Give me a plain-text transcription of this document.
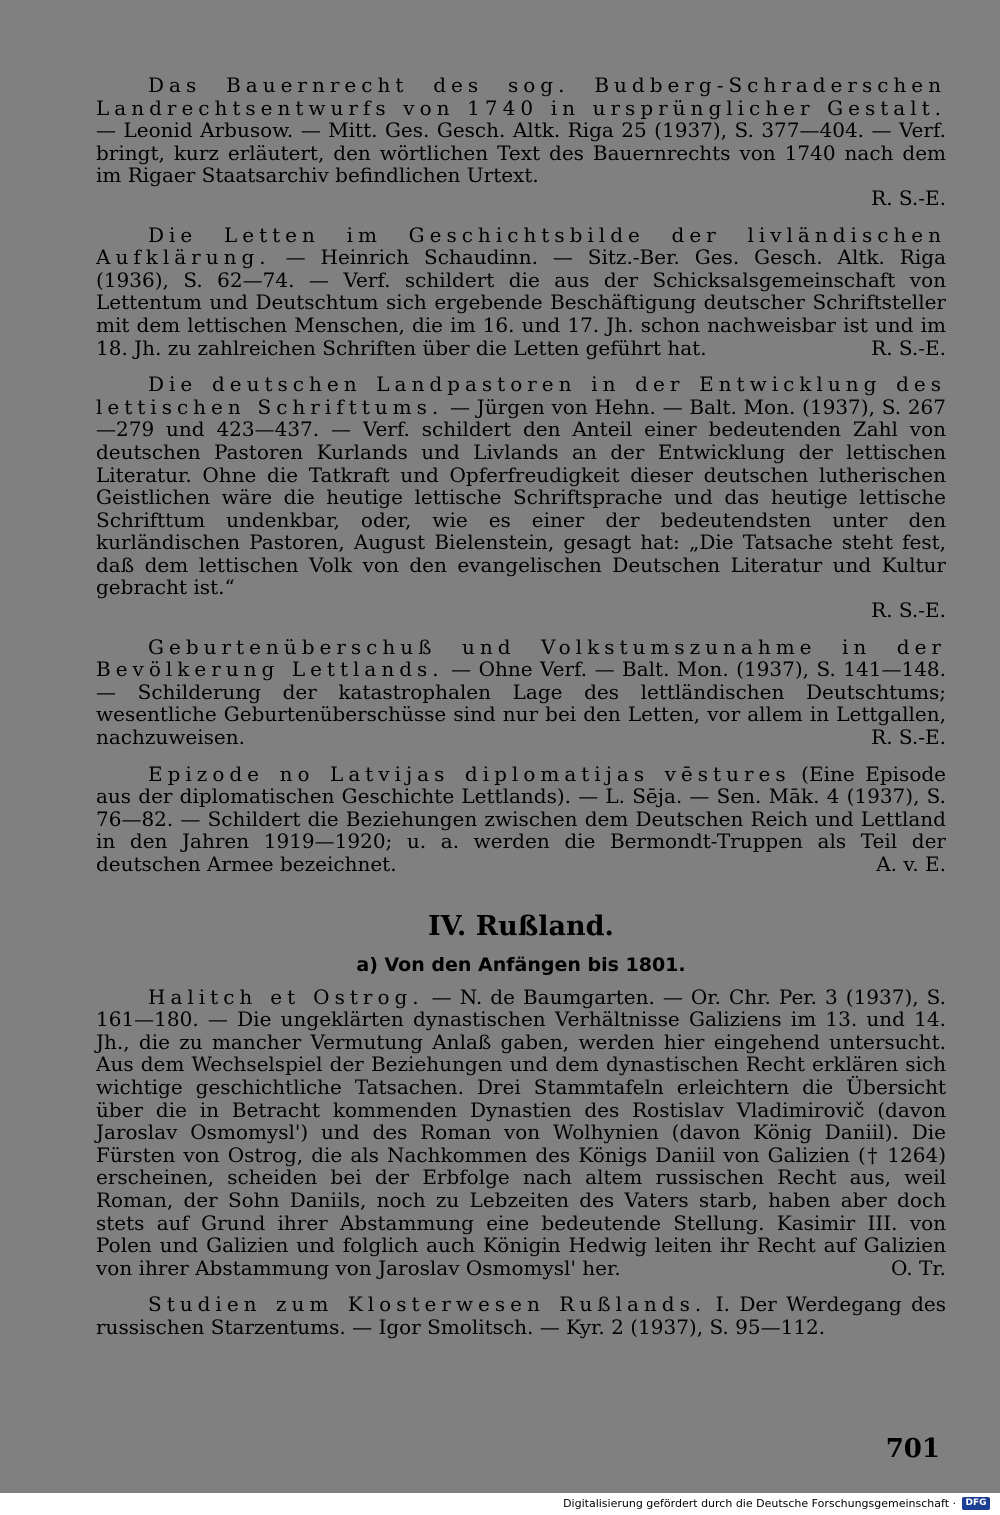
Das Bauernrecht des sog. Budberg-Schraderschen Landrechtsentwurfs von 1740 in ursprünglicher Gestalt. — Leonid Arbusow. — Mitt. Ges. Gesch. Altk. Riga 25 (1937), S. 377—404. — Verf. bringt, kurz erläutert, den wörtlichen Text des Bauernrechts von 1740 nach dem im Rigaer Staatsarchiv befindlichen Urtext.

R. S.-E.

Die Letten im Geschichtsbilde der livländischen Aufklärung. — Heinrich Schaudinn. — Sitz.-Ber. Ges. Gesch. Altk. Riga (1936), S. 62—74. — Verf. schildert die aus der Schicksalsgemeinschaft von Lettentum und Deutschtum sich ergebende Beschäftigung deutscher Schriftsteller mit dem lettischen Menschen, die im 16. und 17. Jh. schon nachweisbar ist und im 18. Jh. zu zahlreichen Schriften über die Letten geführt hat.	R. S.-E.

Die deutschen Landpastoren in der Entwicklung des lettischen Schrifttums. — Jürgen von Hehn. — Balt. Mon. (1937), S. 267—279 und 423—437. — Verf. schildert den Anteil einer bedeutenden Zahl von deutschen Pastoren Kurlands und Livlands an der Entwicklung der lettischen Literatur. Ohne die Tatkraft und Opferfreudigkeit dieser deutschen lutherischen Geistlichen wäre die heutige lettische Schriftsprache und das heutige lettische Schrifttum undenkbar, oder, wie es einer der bedeutendsten unter den kurländischen Pastoren, August Bielenstein, gesagt hat: „Die Tatsache steht fest, daß dem lettischen Volk von den evangelischen Deutschen Literatur und Kultur gebracht ist.“

R. S.-E.

Geburtenüberschuß und Volkstumszunahme in der Bevölkerung Lettlands. — Ohne Verf. — Balt. Mon. (1937), S. 141—148. — Schilderung der katastrophalen Lage des lettländischen Deutschtums; wesentliche Geburtenüberschüsse sind nur bei den Letten, vor allem in Lettgallen, nachzuweisen.	R. S.-E.

Epizode no Latvijas diplomatijas vēstures (Eine Episode aus der diplomatischen Geschichte Lettlands). — L. Sēja. — Sen. Māk. 4 (1937), S. 76—82. — Schildert die Beziehungen zwischen dem Deutschen Reich und Lettland in den Jahren 1919—1920; u. a. werden die Bermondt-Truppen als Teil der deutschen Armee bezeichnet.	A. v. E.

IV. Rußland.
a) Von den Anfängen bis 1801.

Halitch et Ostrog. — N. de Baumgarten. — Or. Chr. Per. 3 (1937), S. 161—180. — Die ungeklärten dynastischen Verhältnisse Galiziens im 13. und 14. Jh., die zu mancher Vermutung Anlaß gaben, werden hier eingehend untersucht. Aus dem Wechselspiel der Beziehungen und dem dynastischen Recht erklären sich wichtige geschichtliche Tatsachen. Drei Stammtafeln erleichtern die Übersicht über die in Betracht kommenden Dynastien des Rostislav Vladimirovič (davon Jaroslav Osmomysl') und des Roman von Wolhynien (davon König Daniil). Die Fürsten von Ostrog, die als Nachkommen des Königs Daniil von Galizien († 1264) erscheinen, scheiden bei der Erbfolge nach altem russischen Recht aus, weil Roman, der Sohn Daniils, noch zu Lebzeiten des Vaters starb, haben aber doch stets auf Grund ihrer Abstammung eine bedeutende Stellung. Kasimir III. von Polen und Galizien und folglich auch Königin Hedwig leiten ihr Recht auf Galizien von ihrer Abstammung von Jaroslav Osmomysl' her.	O. Tr.

Studien zum Klosterwesen Rußlands. I. Der Werdegang des russischen Starzentums. — Igor Smolitsch. — Kyr. 2 (1937), S. 95—112.

701
Digitalisierung gefördert durch die Deutsche Forschungsgemeinschaft ·	DFG
